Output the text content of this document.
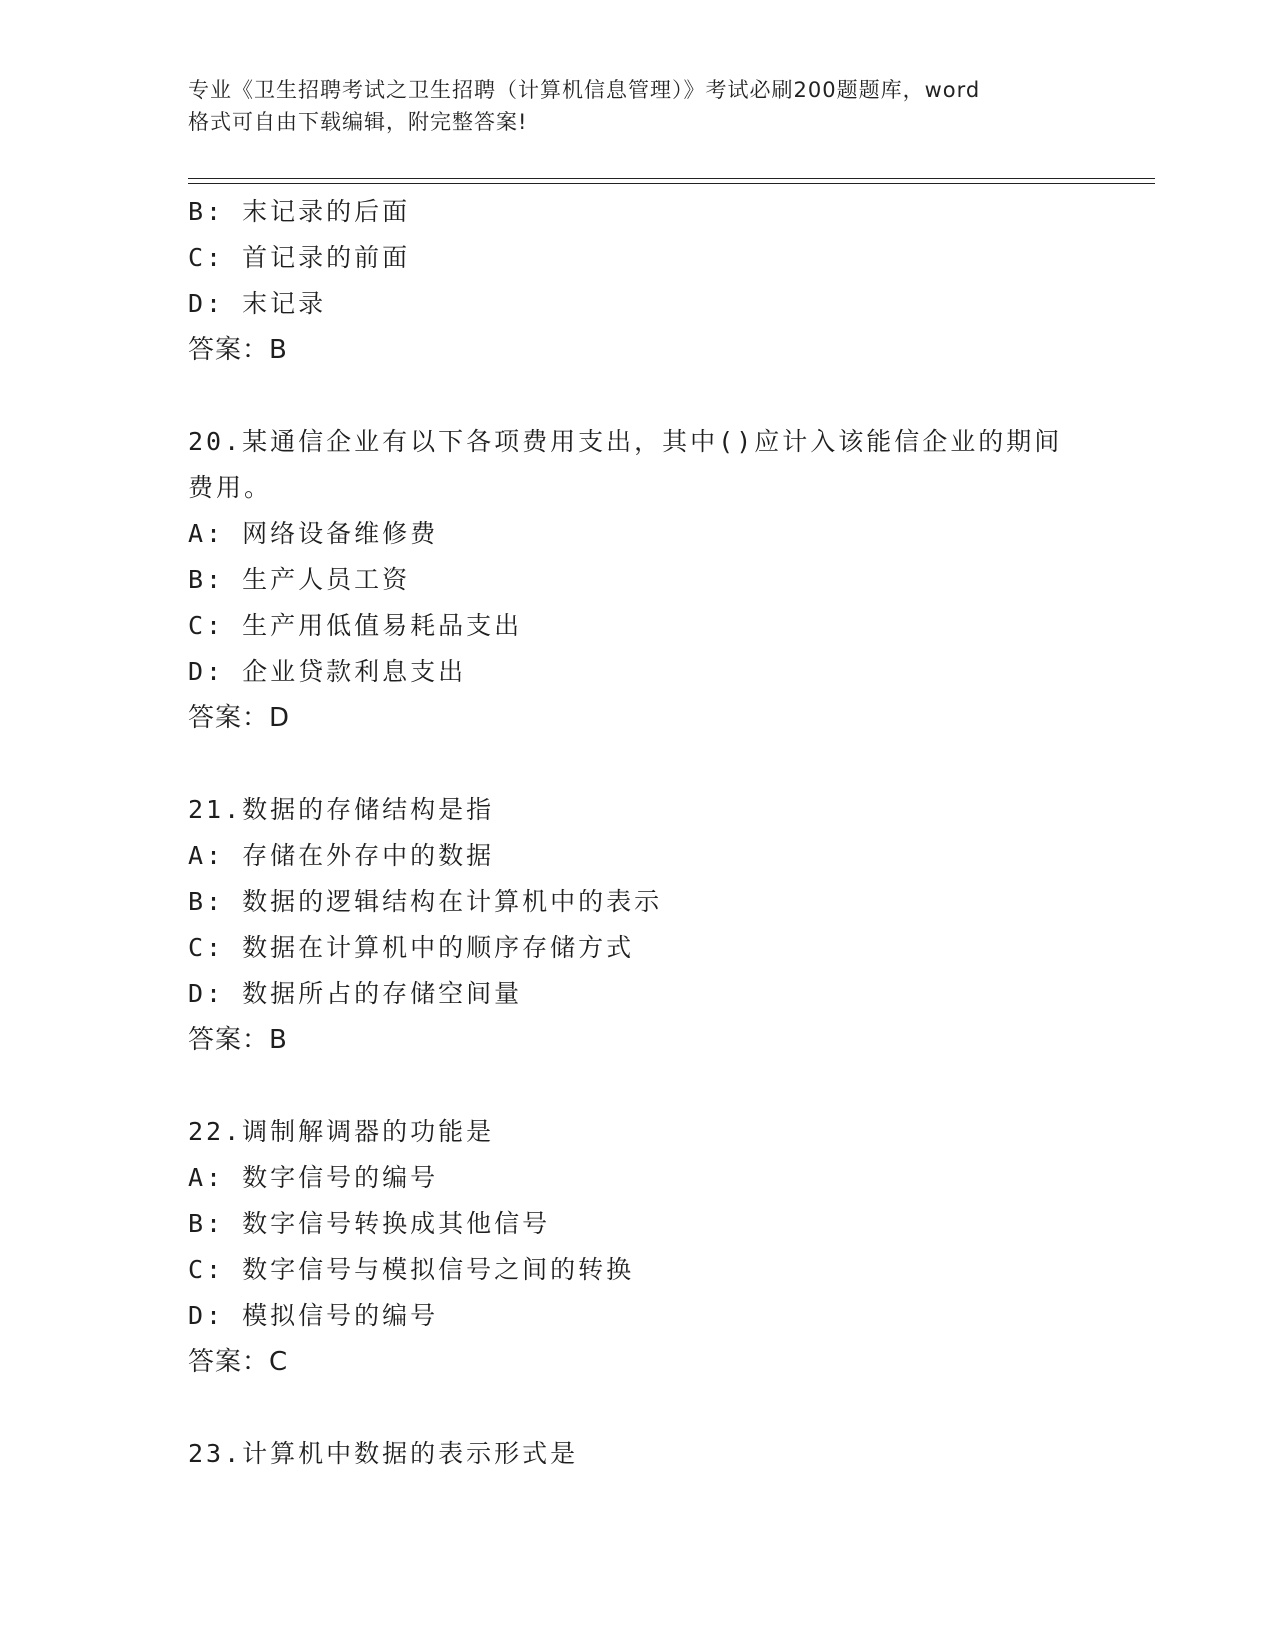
专业《卫生招聘考试之卫生招聘（计算机信息管理）》考试必刷200题题库，word
格式可自由下载编辑，附完整答案!
B: 末记录的后面
C: 首记录的前面
D: 末记录
答案：B
20.某通信企业有以下各项费用支出，其中()应计入该能信企业的期间
费用。
A: 网络设备维修费
B: 生产人员工资
C: 生产用低值易耗品支出
D: 企业贷款利息支出
答案：D
21.数据的存储结构是指
A: 存储在外存中的数据
B: 数据的逻辑结构在计算机中的表示
C: 数据在计算机中的顺序存储方式
D: 数据所占的存储空间量
答案：B
22.调制解调器的功能是
A: 数字信号的编号
B: 数字信号转换成其他信号
C: 数字信号与模拟信号之间的转换
D: 模拟信号的编号
答案：C
23.计算机中数据的表示形式是
